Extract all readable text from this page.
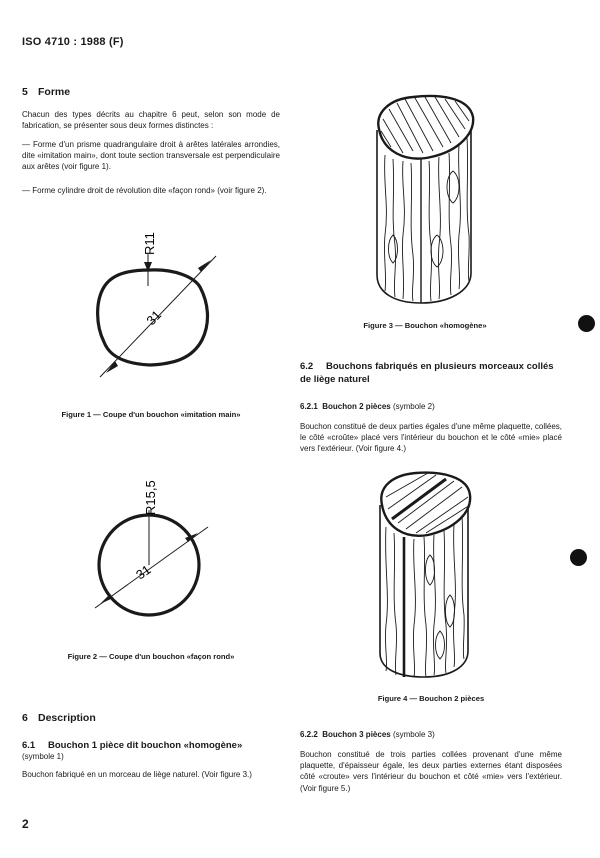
ISO 4710 : 1988 (F)
5 Forme
Chacun des types décrits au chapitre 6 peut, selon son mode de fabrication, se présenter sous deux formes distinctes :
— Forme d'un prisme quadrangulaire droit à arêtes latérales arrondies, dite «imitation main», dont toute section transversale est perpendiculaire aux arêtes (voir figure 1).
— Forme cylindre droit de révolution dite «façon rond» (voir figure 2).
R11
31
Figure 1 — Coupe d'un bouchon «imitation main»
R15,5
31
Figure 2 — Coupe d'un bouchon «façon rond»
6 Description
6.1 Bouchon 1 pièce dit bouchon «homogène»
(symbole 1)
Bouchon fabriqué en un morceau de liège naturel. (Voir figure 3.)
2
Figure 3 — Bouchon «homogène»
6.2 Bouchons fabriqués en plusieurs morceaux collés de liège naturel
6.2.1 Bouchon 2 pièces (symbole 2)
Bouchon constitué de deux parties égales d'une même plaquette, collées, le côté «croûte» placé vers l'intérieur du bouchon et le côté «mie» placé vers l'extérieur. (Voir figure 4.)
Figure 4 — Bouchon 2 pièces
6.2.2 Bouchon 3 pièces (symbole 3)
Bouchon constitué de trois parties collées provenant d'une même plaquette, d'épaisseur égale, les deux parties externes étant disposées côté «croute» vers l'intérieur du bouchon et côté «mie» vers l'extérieur. (Voir figure 5.)
